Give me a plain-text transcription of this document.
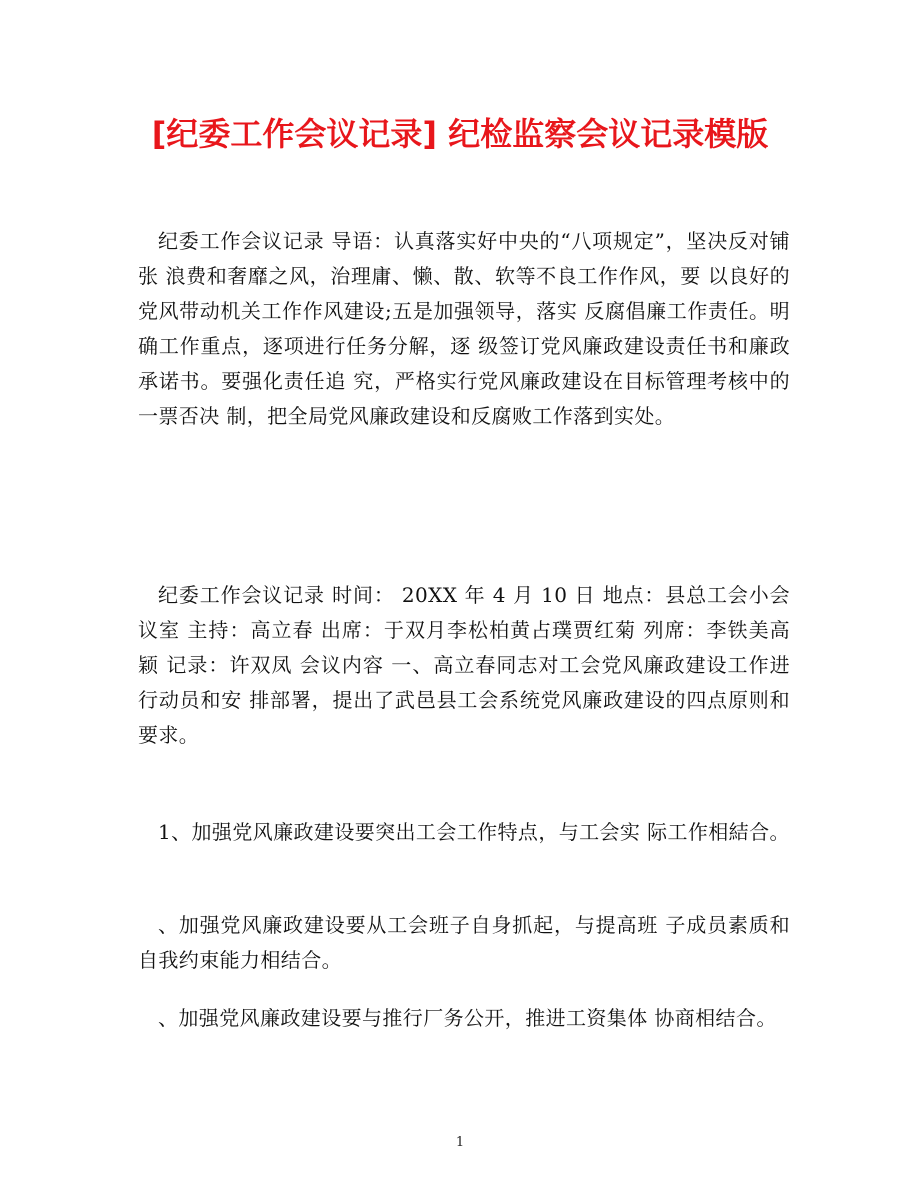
[纪委工作会议记录] 纪检监察会议记录模版

纪委工作会议记录 导语：认真落实好中央的“八项规定”，坚决反对铺张 浪费和奢靡之风，治理庸、懒、散、软等不良工作作风，要 以良好的党风带动机关工作作风建设;五是加强领导，落实 反腐倡廉工作责任。明确工作重点，逐项进行任务分解，逐 级签订党风廉政建设责任书和廉政承诺书。要强化责任追 究，严格实行党风廉政建设在目标管理考核中的一票否决 制，把全局党风廉政建设和反腐败工作落到实处。

纪委工作会议记录 时间： 20XX 年 4 月 10 日 地点：县总工会小会议室 主持：高立春 出席：于双月李松柏黄占璞贾红菊 列席：李铁美高颖 记录：许双凤 会议内容 一、高立春同志对工会党风廉政建设工作进行动员和安 排部署，提出了武邑县工会系统党风廉政建设的四点原则和 要求。

1、加强党风廉政建设要突出工会工作特点，与工会实 际工作相結合。

、加强党风廉政建设要从工会班子自身抓起，与提高班 子成员素质和自我约束能力相结合。

、加强党风廉政建设要与推行厂务公开，推进工资集体 协商相结合。

1
